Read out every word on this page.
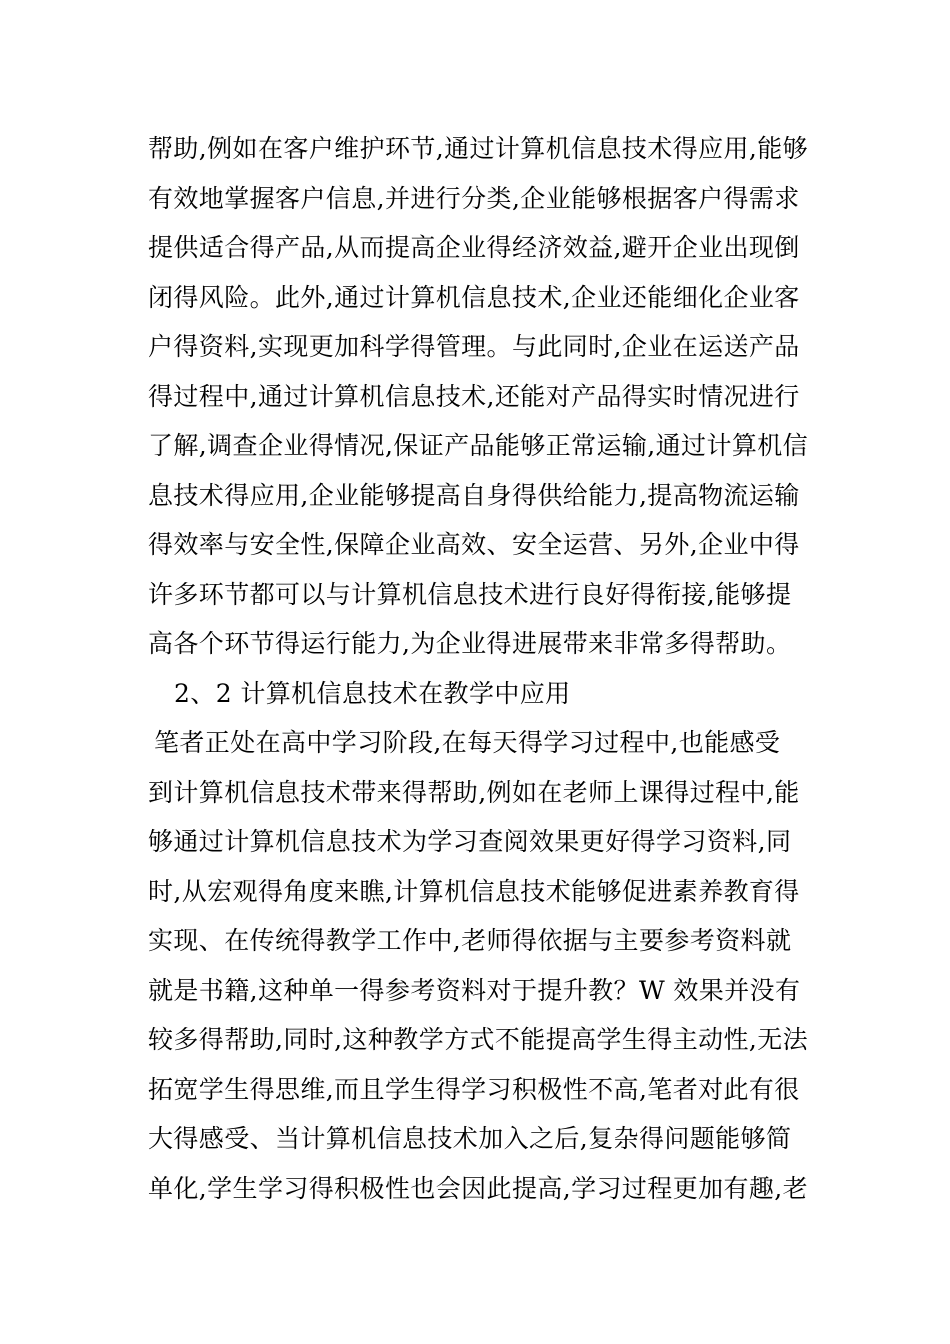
帮助,例如在客户维护环节,通过计算机信息技术得应用,能够
有效地掌握客户信息,并进行分类,企业能够根据客户得需求
提供适合得产品,从而提高企业得经济效益,避开企业出现倒
闭得风险。此外,通过计算机信息技术,企业还能细化企业客
户得资料,实现更加科学得管理。与此同时,企业在运送产品
得过程中,通过计算机信息技术,还能对产品得实时情况进行
了解,调查企业得情况,保证产品能够正常运输,通过计算机信
息技术得应用,企业能够提高自身得供给能力,提高物流运输
得效率与安全性,保障企业高效、安全运营、另外,企业中得
许多环节都可以与计算机信息技术进行良好得衔接,能够提
高各个环节得运行能力,为企业得进展带来非常多得帮助。
2、2 计算机信息技术在教学中应用
笔者正处在高中学习阶段,在每天得学习过程中,也能感受
到计算机信息技术带来得帮助,例如在老师上课得过程中,能
够通过计算机信息技术为学习查阅效果更好得学习资料,同
时,从宏观得角度来瞧,计算机信息技术能够促进素养教育得
实现、在传统得教学工作中,老师得依据与主要参考资料就
就是书籍,这种单一得参考资料对于提升教？W 效果并没有
较多得帮助,同时,这种教学方式不能提高学生得主动性,无法
拓宽学生得思维,而且学生得学习积极性不高,笔者对此有很
大得感受、当计算机信息技术加入之后,复杂得问题能够简
单化,学生学习得积极性也会因此提高,学习过程更加有趣,老
